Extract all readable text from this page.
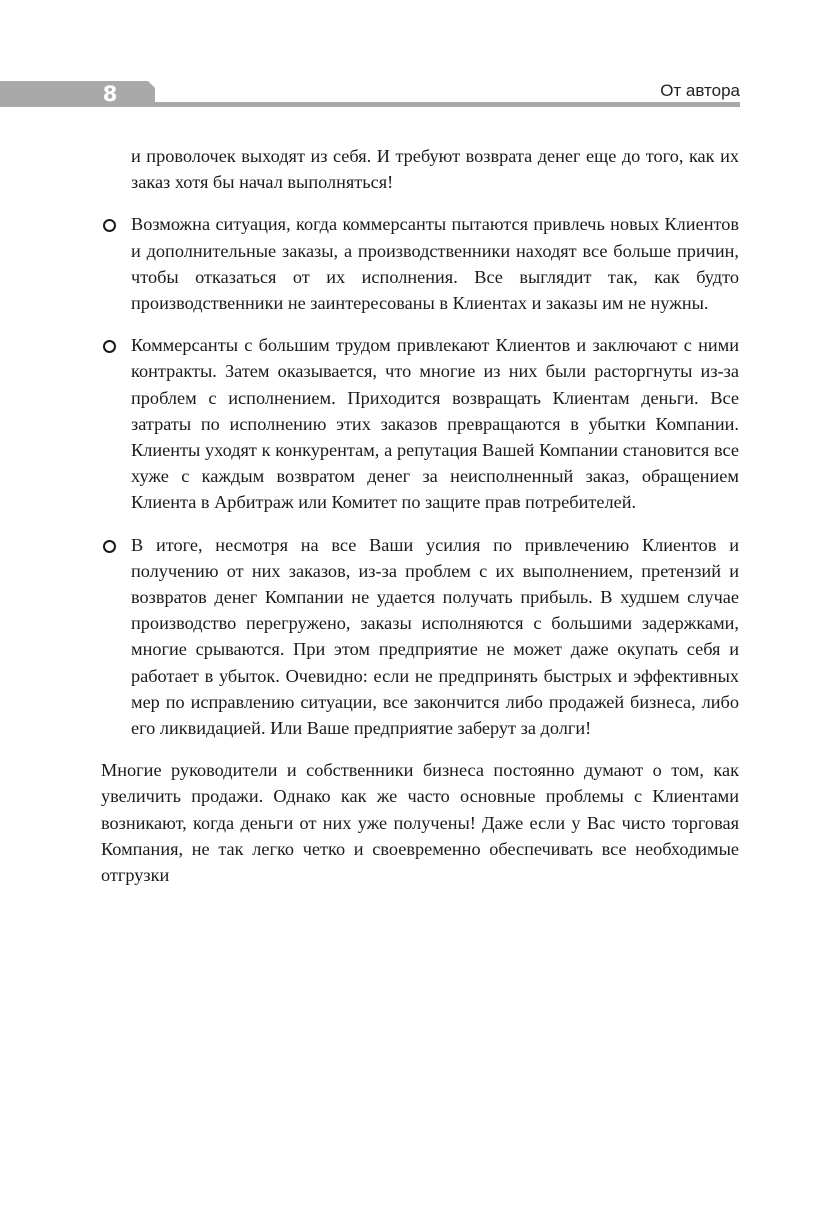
8	От автора

и проволочек выходят из себя. И требуют возврата денег еще до того, как их заказ хотя бы начал выполняться!

Возможна ситуация, когда коммерсанты пытаются привлечь новых Клиентов и дополнительные заказы, а производственники находят все больше причин, чтобы отказаться от их исполнения. Все выглядит так, как будто производственники не заинтересованы в Клиентах и заказы им не нужны.

Коммерсанты с большим трудом привлекают Клиентов и заключают с ними контракты. Затем оказывается, что многие из них были расторгнуты из-за проблем с исполнением. Приходится возвращать Клиентам деньги. Все затраты по исполнению этих заказов превращаются в убытки Компании. Клиенты уходят к конкурентам, а репутация Вашей Компании становится все хуже с каждым возвратом денег за неисполненный заказ, обращением Клиента в Арбитраж или Комитет по защите прав потребителей.

В итоге, несмотря на все Ваши усилия по привлечению Клиентов и получению от них заказов, из-за проблем с их выполнением, претензий и возвратов денег Компании не удается получать прибыль. В худшем случае производство перегружено, заказы исполняются с большими задержками, многие срываются. При этом предприятие не может даже окупать себя и работает в убыток. Очевидно: если не предпринять быстрых и эффективных мер по исправлению ситуации, все закончится либо продажей бизнеса, либо его ликвидацией. Или Ваше предприятие заберут за долги!

Многие руководители и собственники бизнеса постоянно думают о том, как увеличить продажи. Однако как же часто основные проблемы с Клиентами возникают, когда деньги от них уже получены! Даже если у Вас чисто торговая Компания, не так легко четко и своевременно обеспечивать все необходимые отгрузки
